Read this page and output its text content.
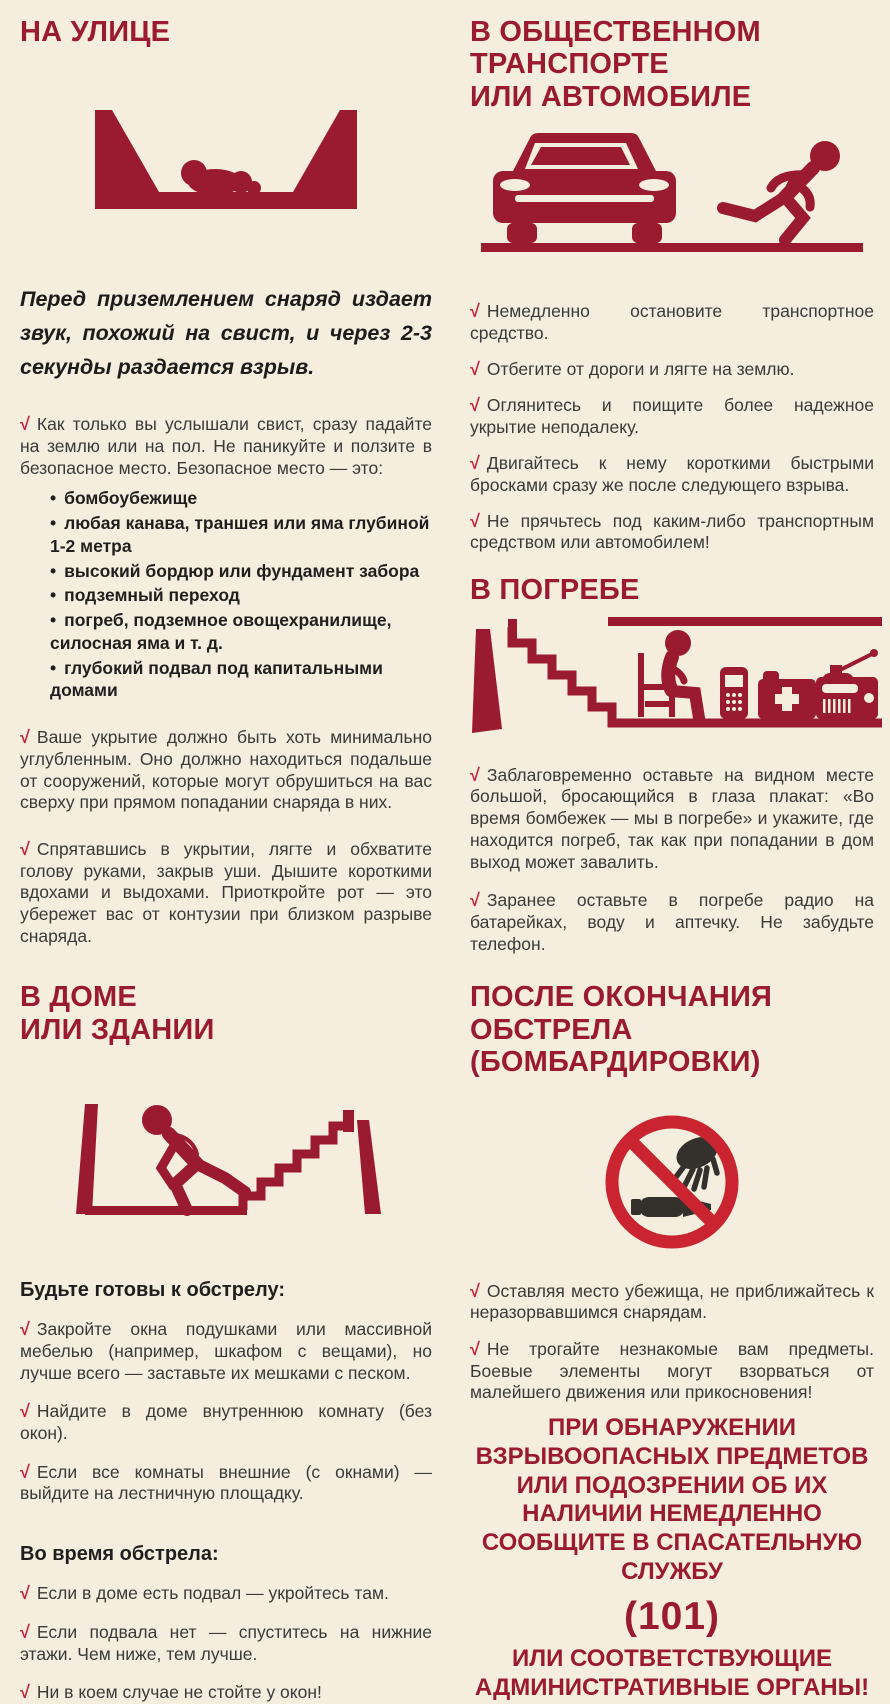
НА УЛИЦЕ

Перед приземлением снаряд издает звук, похожий на свист, и через 2-3 секунды раздается взрыв.

√ Как только вы услышали свист, сразу падайте на землю или на пол. Не паникуйте и ползите в безопасное место. Безопасное место — это:

• бомбоубежище
• любая канава, траншея или яма глубиной 1-2 метра
• высокий бордюр или фундамент забора
• подземный переход
• погреб, подземное овощехранилище, силосная яма и т. д.
• глубокий подвал под капитальными домами

√ Ваше укрытие должно быть хоть минимально углубленным. Оно должно находиться подальше от сооружений, которые могут обрушиться на вас сверху при прямом попадании снаряда в них.

√ Спрятавшись в укрытии, лягте и обхватите голову руками, закрыв уши. Дышите короткими вдохами и выдохами. Приоткройте рот — это убережет вас от контузии при близком разрыве снаряда.

В ДОМЕ
ИЛИ ЗДАНИИ
Будьте готовы к обстрелу:

√ Закройте окна подушками или массивной мебелью (например, шкафом с вещами), но лучше всего — заставьте их мешками с песком.

√ Найдите в доме внутреннюю комнату (без окон).

√ Если все комнаты внешние (с окнами) — выйдите на лестничную площадку.

Во время обстрела:

√ Если в доме есть подвал — укройтесь там.

√ Если подвала нет — спуститесь на нижние этажи. Чем ниже, тем лучше.

√ Ни в коем случае не стойте у окон!

В ОБЩЕСТВЕННОМ
ТРАНСПОРТЕ
ИЛИ АВТОМОБИЛЕ

√ Немедленно остановите транспортное средство.

√ Отбегите от дороги и лягте на землю.

√ Оглянитесь и поищите более надежное укрытие неподалеку.

√ Двигайтесь к нему короткими быстрыми бросками сразу же после следующего взрыва.

√ Не прячьтесь под каким-либо транспортным средством или автомобилем!

В ПОГРЕБЕ

√ Заблаговременно оставьте на видном месте большой, бросающийся в глаза плакат: «Во время бомбежек — мы в погребе» и укажите, где находится погреб, так как при попадании в дом выход может завалить.

√ Заранее оставьте в погребе радио на батарейках, воду и аптечку. Не забудьте телефон.

ПОСЛЕ ОКОНЧАНИЯ
ОБСТРЕЛА
(БОМБАРДИРОВКИ)

√ Оставляя место убежища, не приближайтесь к неразорвавшимся снарядам.

√ Не трогайте незнакомые вам предметы. Боевые элементы могут взорваться от малейшего движения или прикосновения!

ПРИ ОБНАРУЖЕНИИ ВЗРЫВООПАСНЫХ ПРЕДМЕТОВ ИЛИ ПОДОЗРЕНИИ ОБ ИХ НАЛИЧИИ НЕМЕДЛЕННО СООБЩИТЕ В СПАСАТЕЛЬНУЮ СЛУЖБУ

(101)

ИЛИ СООТВЕТСТВУЮЩИЕ АДМИНИСТРАТИВНЫЕ ОРГАНЫ!
